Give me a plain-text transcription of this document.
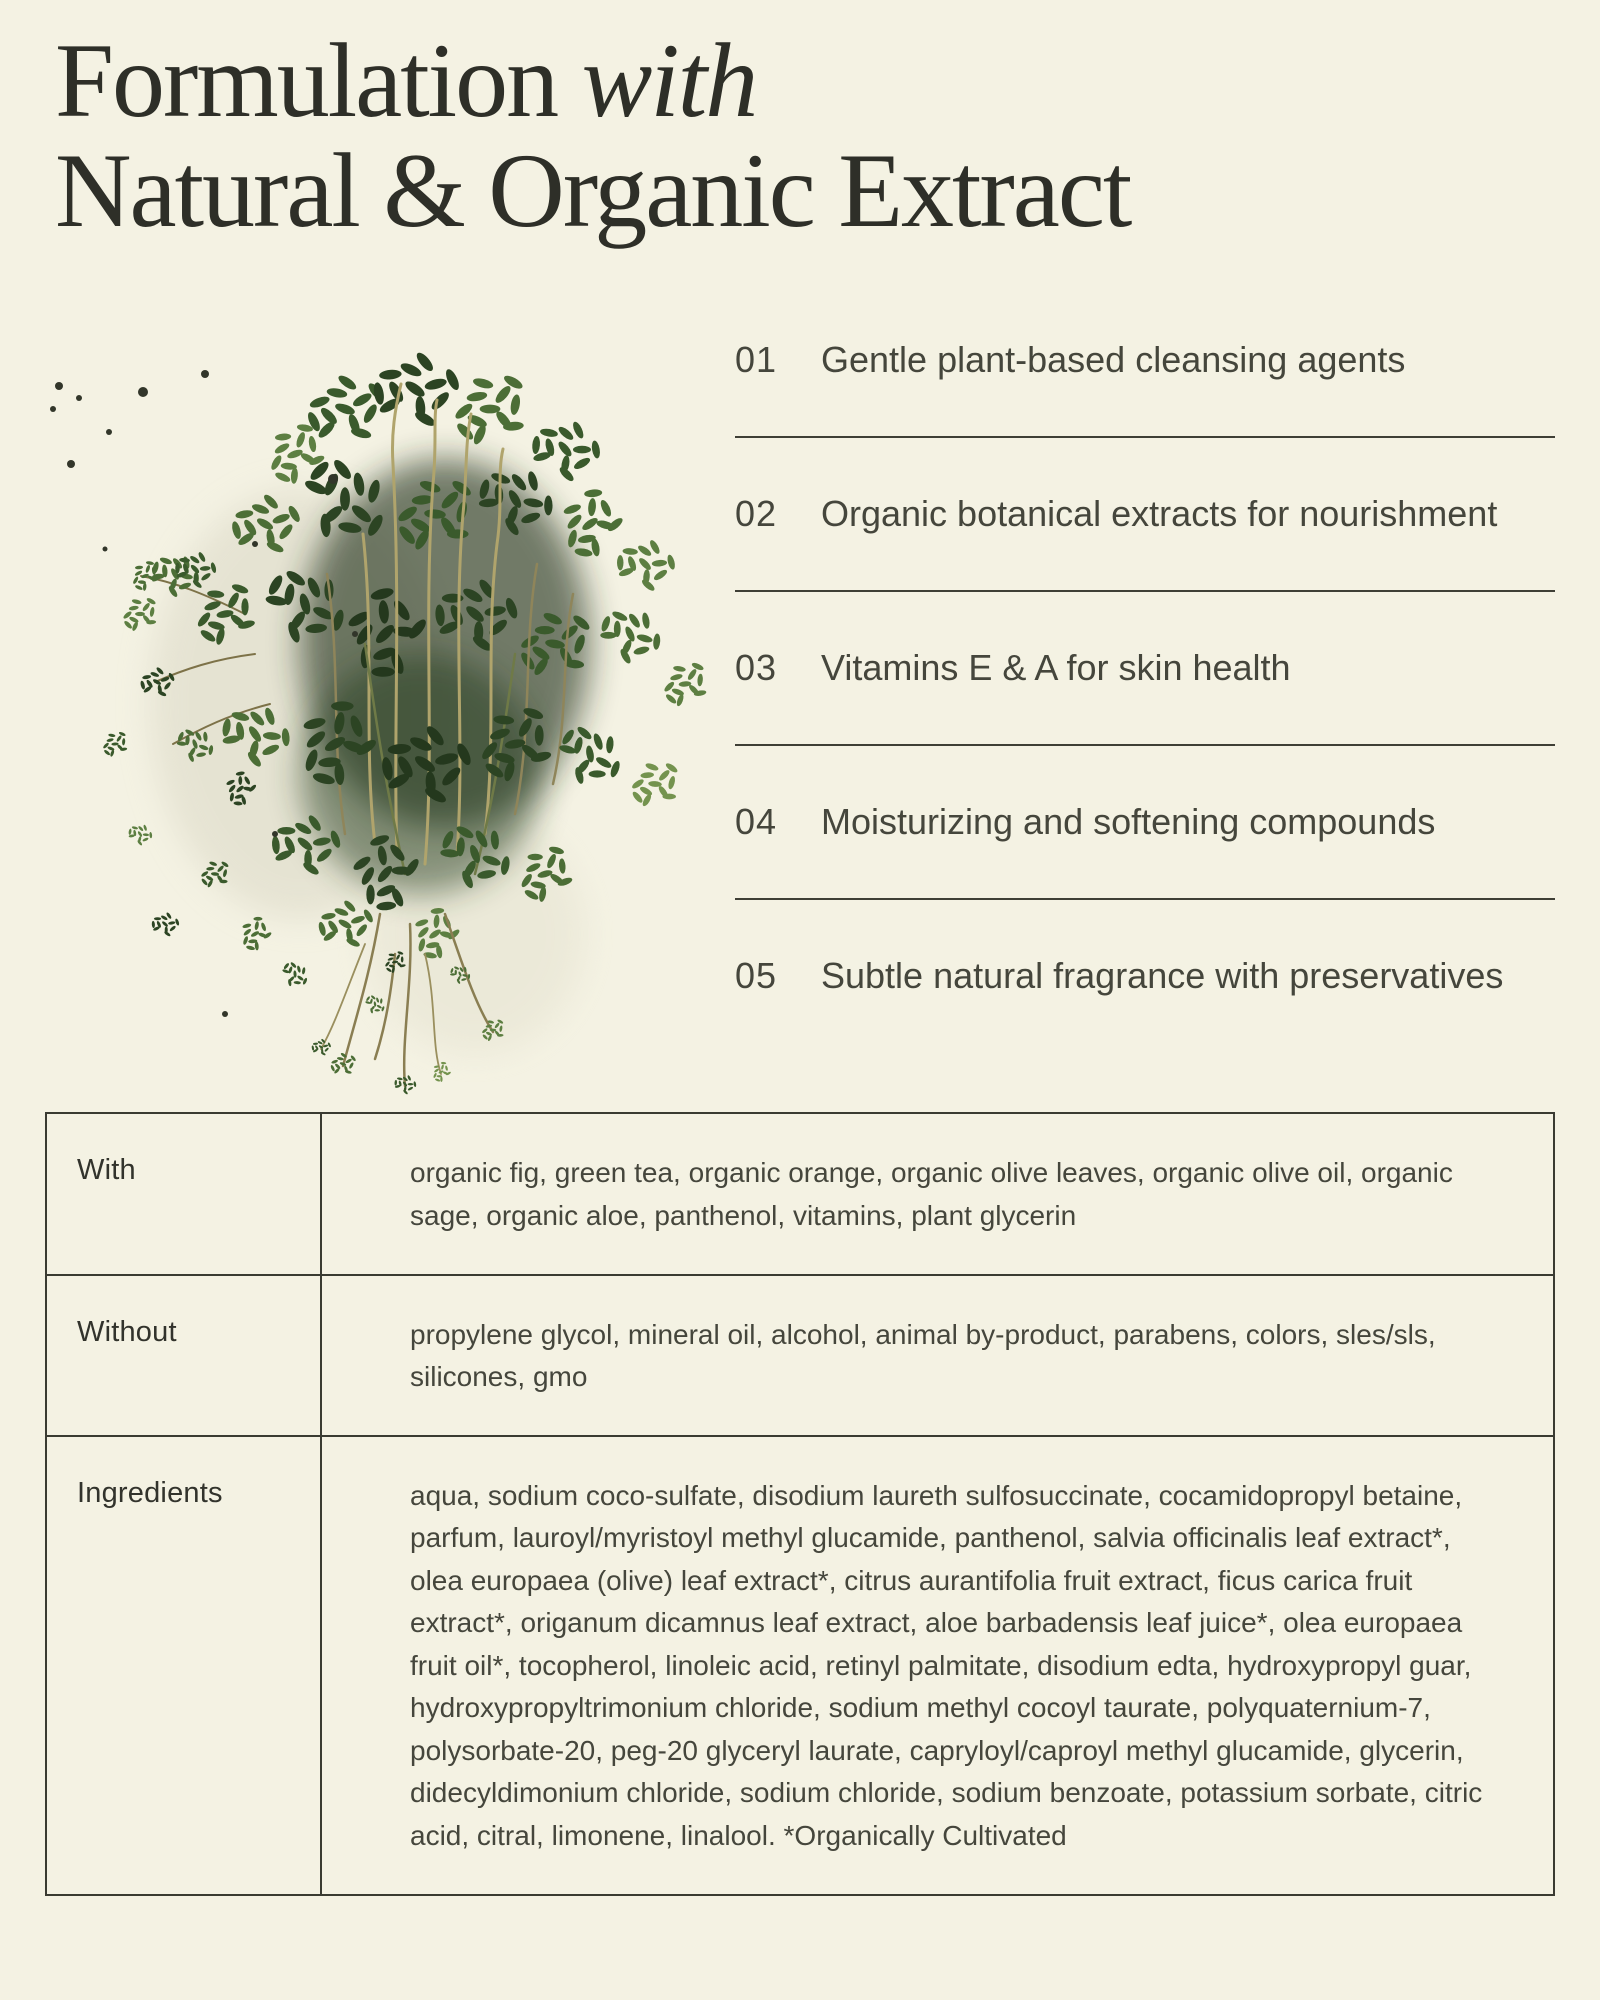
Formulation with
Natural & Organic Extract
01	Gentle plant-based cleansing agents
02	Organic botanical extracts for nourishment
03	Vitamins E & A for skin health
04	Moisturizing and softening compounds
05	Subtle natural fragrance with preservatives
With	organic fig, green tea, organic orange, organic olive leaves, organic olive oil, organic sage, organic aloe, panthenol, vitamins, plant glycerin
Without	propylene glycol, mineral oil, alcohol, animal by-product, parabens, colors, sles/sls, silicones, gmo
Ingredients	aqua, sodium coco-sulfate, disodium laureth sulfosuccinate, cocamidopropyl betaine, parfum, lauroyl/myristoyl methyl glucamide, panthenol, salvia officinalis leaf extract*, olea europaea (olive) leaf extract*, citrus aurantifolia fruit extract, ficus carica fruit extract*, origanum dicamnus leaf extract, aloe barbadensis leaf juice*, olea europaea fruit oil*, tocopherol, linoleic acid, retinyl palmitate, disodium edta, hydroxypropyl guar, hydroxypropyltrimonium chloride, sodium methyl cocoyl taurate, polyquaternium-7, polysorbate-20, peg-20 glyceryl laurate, capryloyl/caproyl methyl glucamide, glycerin, didecyldimonium chloride, sodium chloride, sodium benzoate, potassium sorbate, citric acid, citral, limonene, linalool. *Organically Cultivated
